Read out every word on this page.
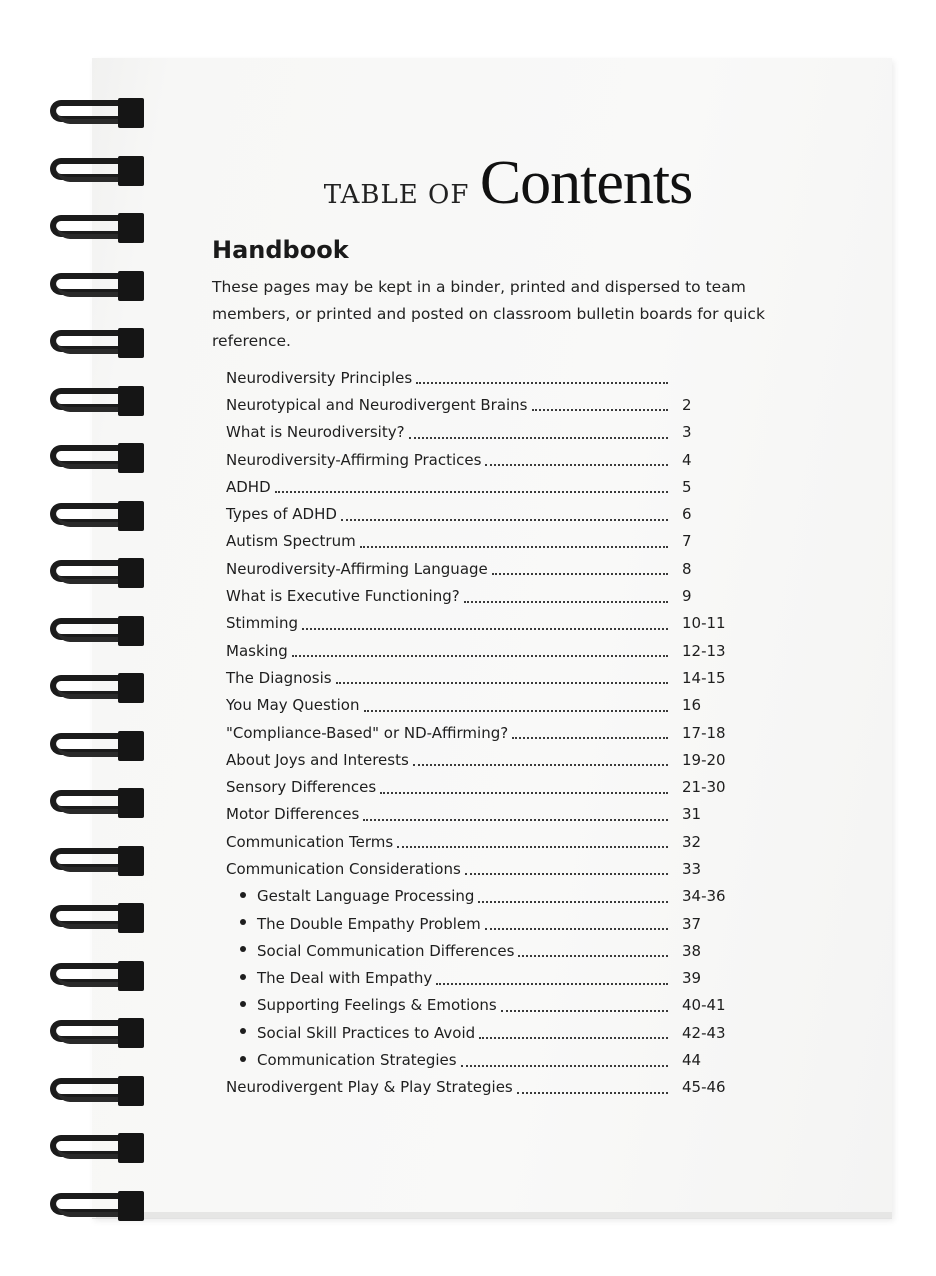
TABLE OF Contents
Handbook

These pages may be kept in a binder, printed and dispersed to team members, or printed and posted on classroom bulletin boards for quick reference.

Neurodiversity Principles
Neurotypical and Neurodivergent Brains	2
What is Neurodiversity?	3
Neurodiversity-Affirming Practices	4
ADHD	5
Types of ADHD	6
Autism Spectrum	7
Neurodiversity-Affirming Language	8
What is Executive Functioning?	9
Stimming	10-11
Masking	12-13
The Diagnosis	14-15
You May Question	16
"Compliance-Based" or ND-Affirming?	17-18
About Joys and Interests	19-20
Sensory Differences	21-30
Motor Differences	31
Communication Terms	32
Communication Considerations	33
Gestalt Language Processing	34-36
The Double Empathy Problem	37
Social Communication Differences	38
The Deal with Empathy	39
Supporting Feelings & Emotions	40-41
Social Skill Practices to Avoid	42-43
Communication Strategies	44
Neurodivergent Play & Play Strategies	45-46
